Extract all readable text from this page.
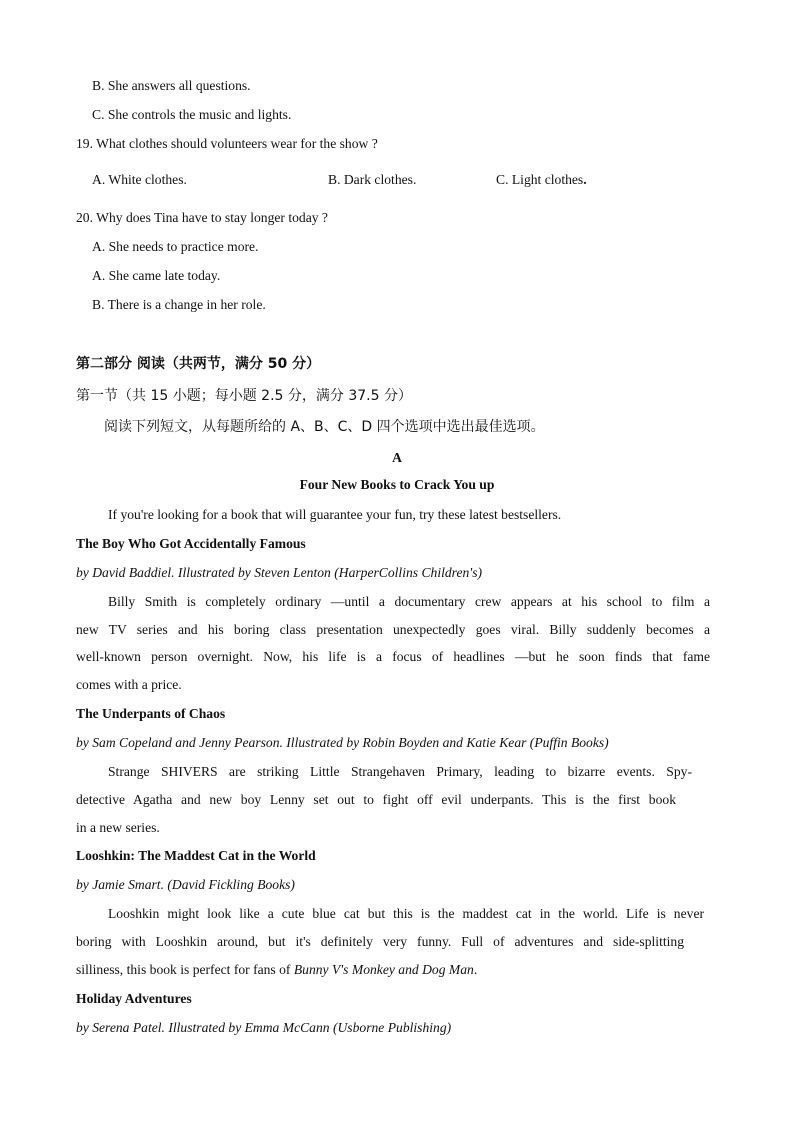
B. She answers all questions.
C. She controls the music and lights.
19. What clothes should volunteers wear for the show ?
A. White clothes.	B. Dark clothes.	C. Light clothes.
20. Why does Tina have to stay longer today ?
A. She needs to practice more.
A. She came late today.
B. There is a change in her role.
第二部分 阅读（共两节，满分 50 分）
第一节（共 15 小题；每小题 2.5 分，满分 37.5 分）
阅读下列短文，从每题所给的 A、B、C、D 四个选项中选出最佳选项。
A
Four New Books to Crack You up
If you're looking for a book that will guarantee your fun, try these latest bestsellers.
The Boy Who Got Accidentally Famous
by David Baddiel. Illustrated by Steven Lenton (HarperCollins Children's)
Billy Smith is completely ordinary —until a documentary crew appears at his school to film a
new TV series and his boring class presentation unexpectedly goes viral. Billy suddenly becomes a
well-known person overnight. Now, his life is a focus of headlines —but he soon finds that fame
comes with a price.
The Underpants of Chaos
by Sam Copeland and Jenny Pearson. Illustrated by Robin Boyden and Katie Kear (Puffin Books)
Strange SHIVERS are striking Little Strangehaven Primary, leading to bizarre events. Spy-
detective Agatha and new boy Lenny set out to fight off evil underpants. This is the first book
in a new series.
Looshkin: The Maddest Cat in the World
by Jamie Smart. (David Fickling Books)
Looshkin might look like a cute blue cat but this is the maddest cat in the world. Life is never
boring with Looshkin around, but it's definitely very funny. Full of adventures and side-splitting
silliness, this book is perfect for fans of Bunny V's Monkey and Dog Man.
Holiday Adventures
by Serena Patel. Illustrated by Emma McCann (Usborne Publishing)
